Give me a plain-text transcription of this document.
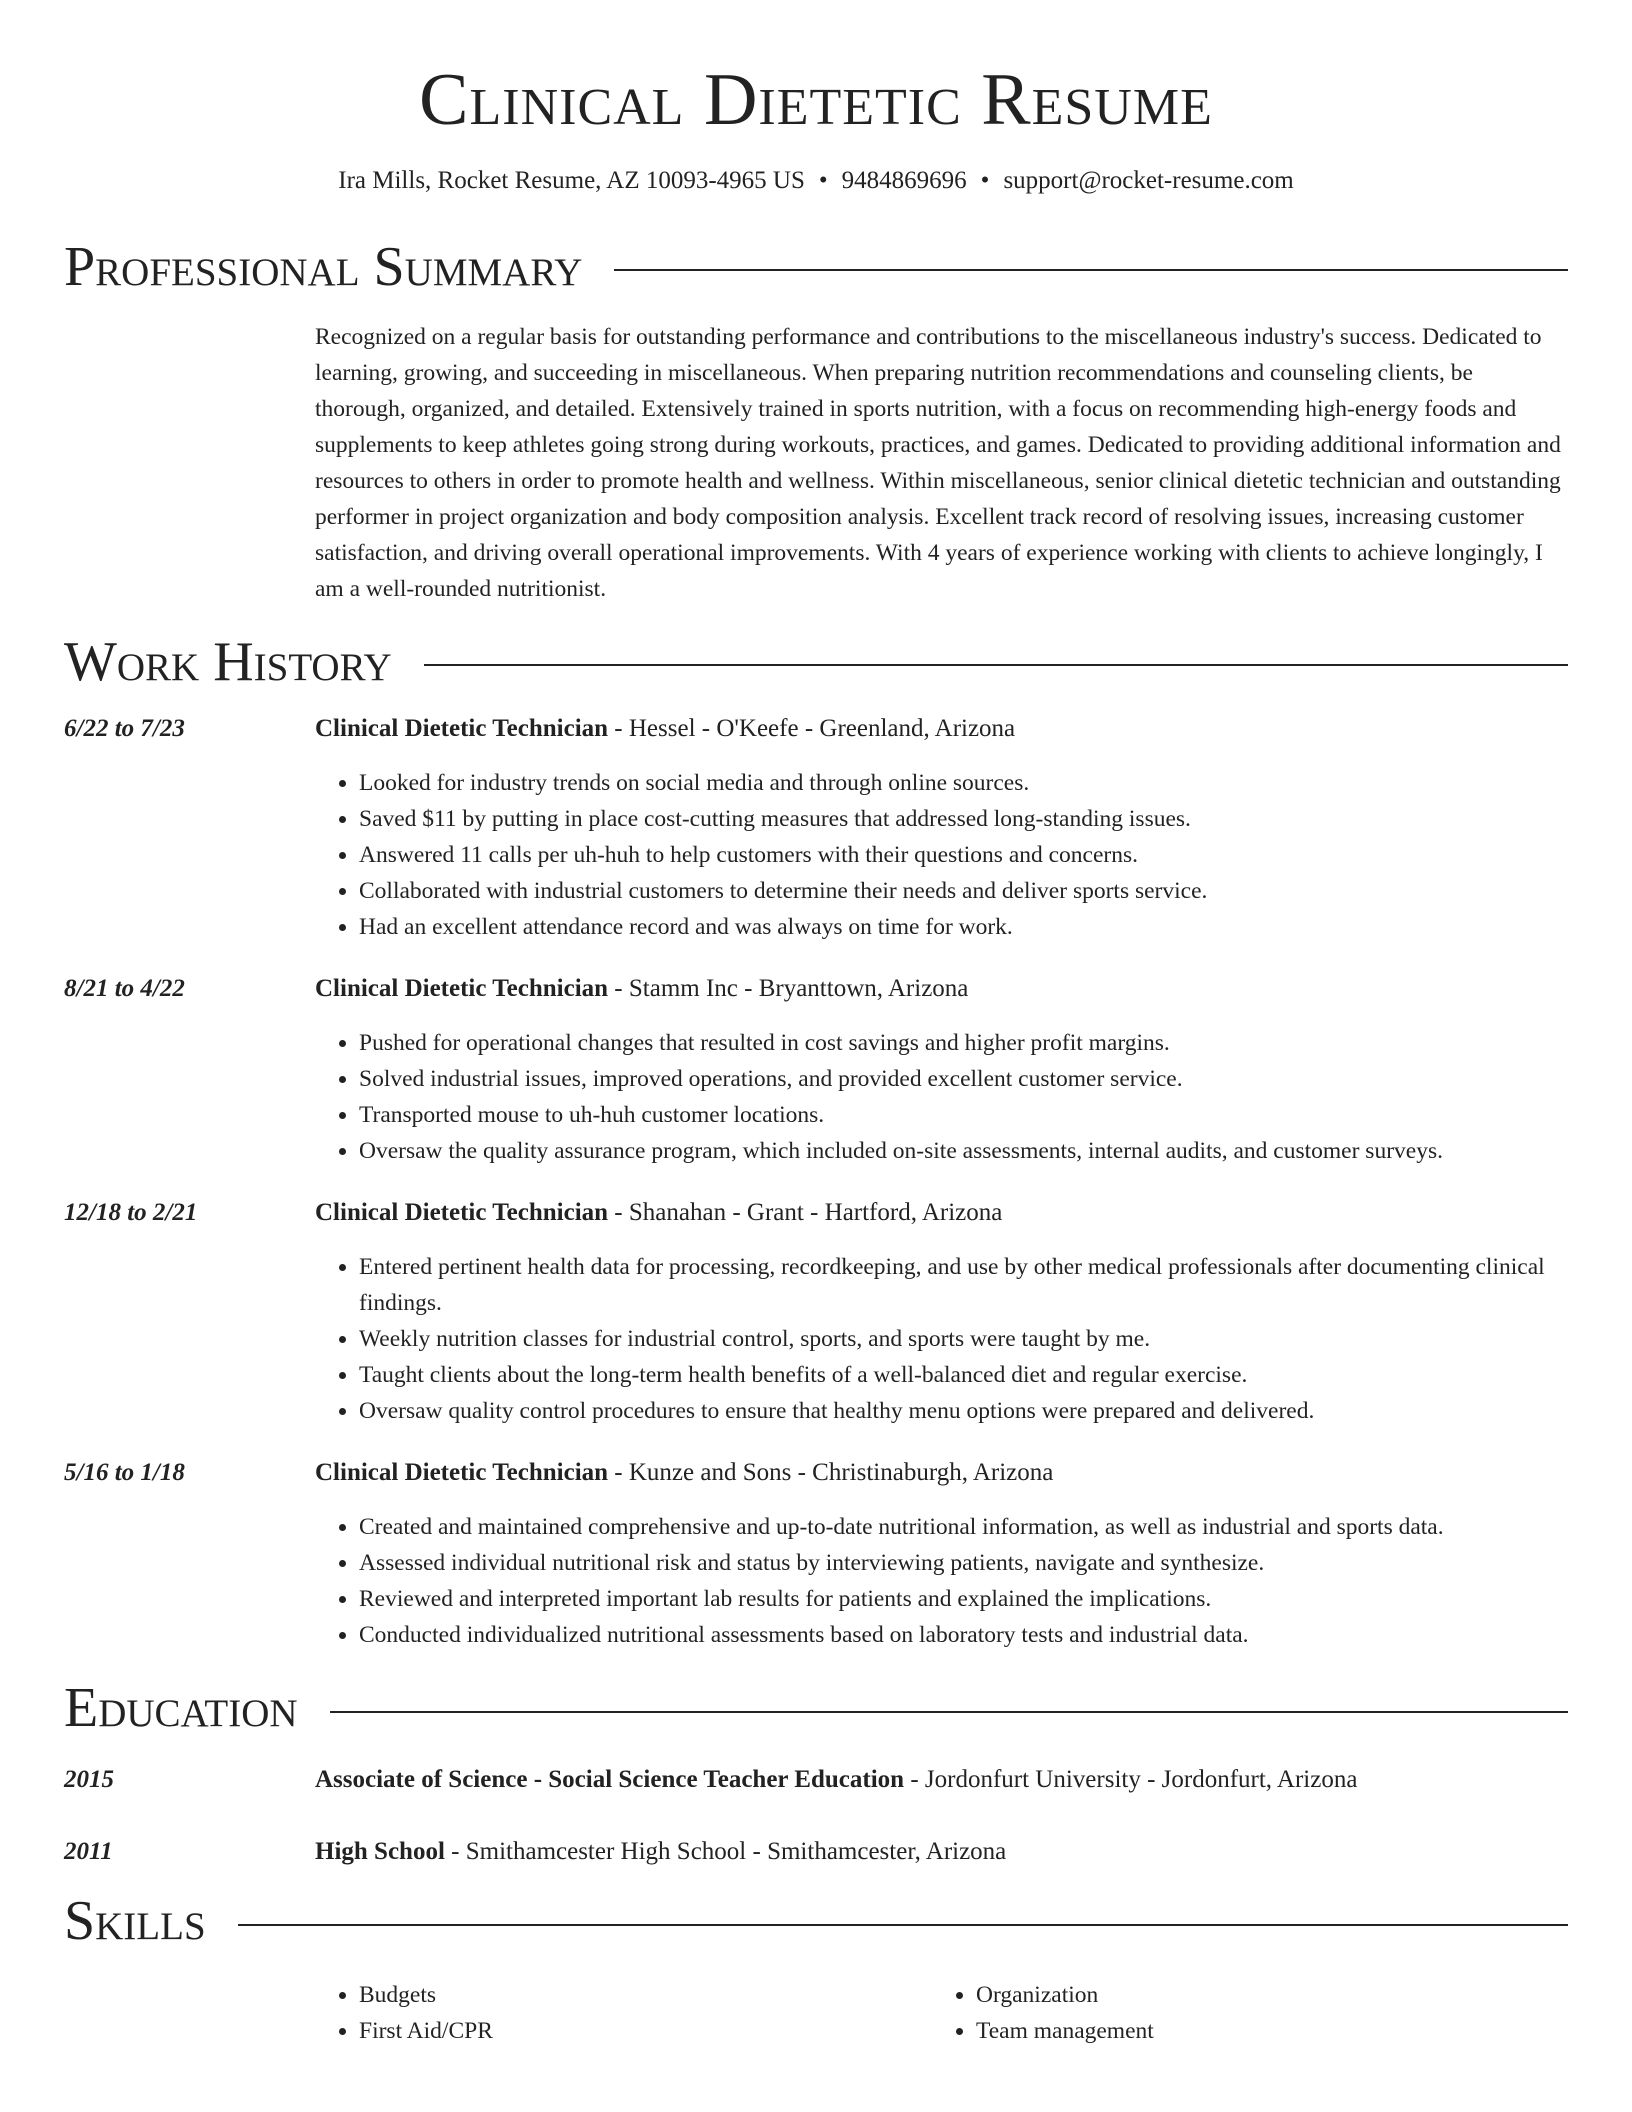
Clinical Dietetic Resume
Ira Mills, Rocket Resume, AZ 10093-4965 US • 9484869696 • support@rocket-resume.com
Professional Summary

Recognized on a regular basis for outstanding performance and contributions to the miscellaneous industry's success. Dedicated to learning, growing, and succeeding in miscellaneous. When preparing nutrition recommendations and counseling clients, be thorough, organized, and detailed. Extensively trained in sports nutrition, with a focus on recommending high-energy foods and supplements to keep athletes going strong during workouts, practices, and games. Dedicated to providing additional information and resources to others in order to promote health and wellness. Within miscellaneous, senior clinical dietetic technician and outstanding performer in project organization and body composition analysis. Excellent track record of resolving issues, increasing customer satisfaction, and driving overall operational improvements. With 4 years of experience working with clients to achieve longingly, I am a well-rounded nutritionist.

Work History
6/22 to 7/23	Clinical Dietetic Technician - Hessel - O'Keefe - Greenland, Arizona
• Looked for industry trends on social media and through online sources.
• Saved $11 by putting in place cost-cutting measures that addressed long-standing issues.
• Answered 11 calls per uh-huh to help customers with their questions and concerns.
• Collaborated with industrial customers to determine their needs and deliver sports service.
• Had an excellent attendance record and was always on time for work.
8/21 to 4/22	Clinical Dietetic Technician - Stamm Inc - Bryanttown, Arizona
• Pushed for operational changes that resulted in cost savings and higher profit margins.
• Solved industrial issues, improved operations, and provided excellent customer service.
• Transported mouse to uh-huh customer locations.
• Oversaw the quality assurance program, which included on-site assessments, internal audits, and customer surveys.
12/18 to 2/21	Clinical Dietetic Technician - Shanahan - Grant - Hartford, Arizona
• Entered pertinent health data for processing, recordkeeping, and use by other medical professionals after documenting clinical findings.
• Weekly nutrition classes for industrial control, sports, and sports were taught by me.
• Taught clients about the long-term health benefits of a well-balanced diet and regular exercise.
• Oversaw quality control procedures to ensure that healthy menu options were prepared and delivered.
5/16 to 1/18	Clinical Dietetic Technician - Kunze and Sons - Christinaburgh, Arizona
• Created and maintained comprehensive and up-to-date nutritional information, as well as industrial and sports data.
• Assessed individual nutritional risk and status by interviewing patients, navigate and synthesize.
• Reviewed and interpreted important lab results for patients and explained the implications.
• Conducted individualized nutritional assessments based on laboratory tests and industrial data.
Education
2015	Associate of Science - Social Science Teacher Education - Jordonfurt University - Jordonfurt, Arizona
2011	High School - Smithamcester High School - Smithamcester, Arizona
Skills
• Budgets
• First Aid/CPR
• Organization
• Team management
